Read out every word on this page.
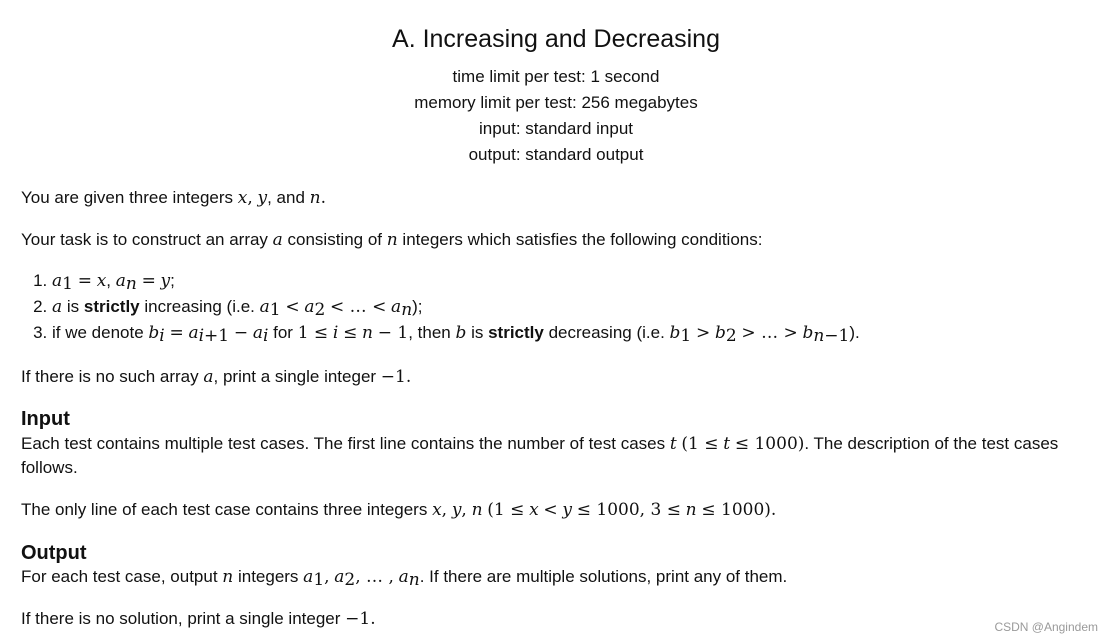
A. Increasing and Decreasing
time limit per test: 1 second
memory limit per test: 256 megabytes
input: standard input
output: standard output
You are given three integers x, y, and n.
Your task is to construct an array a consisting of n integers which satisfies the following conditions:
1. $a_1 = x$, $a_n = y$;
2. a is strictly increasing (i.e. $a_1 < a_2$ < … < $a_n$);
3. if we denote $b_i = a_{i+1} - a_i$ for 1 ≤ i ≤ n − 1, then b is strictly decreasing (i.e. $b_1 > b_2$ > … > $b_{n-1}$).
If there is no such array a, print a single integer −1.
Input
Each test contains multiple test cases. The first line contains the number of test cases t (1 ≤ t ≤ 1000). The description of the test cases follows.
The only line of each test case contains three integers x, y, n (1 ≤ x < y ≤ 1000, 3 ≤ n ≤ 1000).
Output
For each test case, output n integers $a_1$, $a_2$, … , $a_n$. If there are multiple solutions, print any of them.
If there is no solution, print a single integer −1.	CSDN @Angindem
